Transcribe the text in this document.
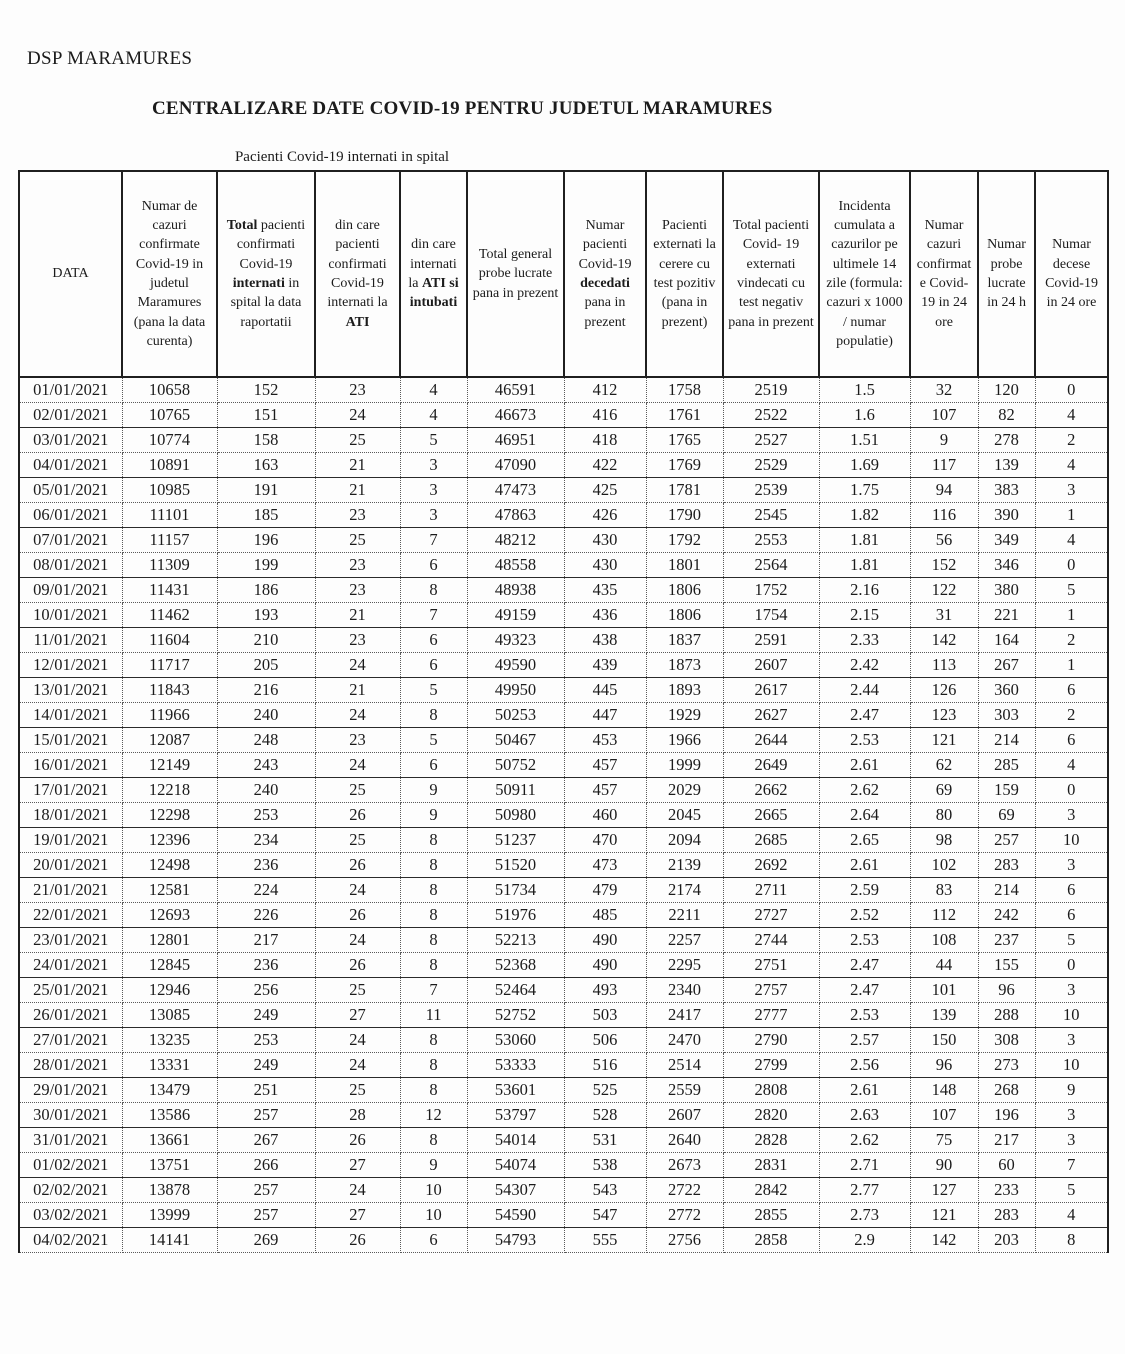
DSP MARAMURES
CENTRALIZARE DATE COVID-19 PENTRU JUDETUL MARAMURES
		Pacienti Covid-19 internati in spital										
DATA	Numar de cazuri confirmate Covid-19 in judetul Maramures (pana la data curenta)	Total pacienti confirmati Covid-19 internati in spital la data raportatii	din care pacienti confirmati Covid-19 internati la ATI	din care internati la ATI si intubati	Total general probe lucrate pana in prezent	Numar pacienti Covid-19 decedati pana in prezent	Pacienti externati la cerere cu test pozitiv (pana in prezent)	Total pacienti Covid- 19 externati vindecati cu test negativ pana in prezent	Incidenta cumulata a cazurilor pe ultimele 14 zile (formula: cazuri x 1000 / numar populatie)	Numar cazuri confirmate Covid-19 in 24 ore	Numar probe lucrate in 24 h	Numar decese Covid-19 in 24 ore
01/01/2021	10658	152	23	4	46591	412	1758	2519	1.5	32	120	0
02/01/2021	10765	151	24	4	46673	416	1761	2522	1.6	107	82	4
03/01/2021	10774	158	25	5	46951	418	1765	2527	1.51	9	278	2
04/01/2021	10891	163	21	3	47090	422	1769	2529	1.69	117	139	4
05/01/2021	10985	191	21	3	47473	425	1781	2539	1.75	94	383	3
06/01/2021	11101	185	23	3	47863	426	1790	2545	1.82	116	390	1
07/01/2021	11157	196	25	7	48212	430	1792	2553	1.81	56	349	4
08/01/2021	11309	199	23	6	48558	430	1801	2564	1.81	152	346	0
09/01/2021	11431	186	23	8	48938	435	1806	1752	2.16	122	380	5
10/01/2021	11462	193	21	7	49159	436	1806	1754	2.15	31	221	1
11/01/2021	11604	210	23	6	49323	438	1837	2591	2.33	142	164	2
12/01/2021	11717	205	24	6	49590	439	1873	2607	2.42	113	267	1
13/01/2021	11843	216	21	5	49950	445	1893	2617	2.44	126	360	6
14/01/2021	11966	240	24	8	50253	447	1929	2627	2.47	123	303	2
15/01/2021	12087	248	23	5	50467	453	1966	2644	2.53	121	214	6
16/01/2021	12149	243	24	6	50752	457	1999	2649	2.61	62	285	4
17/01/2021	12218	240	25	9	50911	457	2029	2662	2.62	69	159	0
18/01/2021	12298	253	26	9	50980	460	2045	2665	2.64	80	69	3
19/01/2021	12396	234	25	8	51237	470	2094	2685	2.65	98	257	10
20/01/2021	12498	236	26	8	51520	473	2139	2692	2.61	102	283	3
21/01/2021	12581	224	24	8	51734	479	2174	2711	2.59	83	214	6
22/01/2021	12693	226	26	8	51976	485	2211	2727	2.52	112	242	6
23/01/2021	12801	217	24	8	52213	490	2257	2744	2.53	108	237	5
24/01/2021	12845	236	26	8	52368	490	2295	2751	2.47	44	155	0
25/01/2021	12946	256	25	7	52464	493	2340	2757	2.47	101	96	3
26/01/2021	13085	249	27	11	52752	503	2417	2777	2.53	139	288	10
27/01/2021	13235	253	24	8	53060	506	2470	2790	2.57	150	308	3
28/01/2021	13331	249	24	8	53333	516	2514	2799	2.56	96	273	10
29/01/2021	13479	251	25	8	53601	525	2559	2808	2.61	148	268	9
30/01/2021	13586	257	28	12	53797	528	2607	2820	2.63	107	196	3
31/01/2021	13661	267	26	8	54014	531	2640	2828	2.62	75	217	3
01/02/2021	13751	266	27	9	54074	538	2673	2831	2.71	90	60	7
02/02/2021	13878	257	24	10	54307	543	2722	2842	2.77	127	233	5
03/02/2021	13999	257	27	10	54590	547	2772	2855	2.73	121	283	4
04/02/2021	14141	269	26	6	54793	555	2756	2858	2.9	142	203	8
